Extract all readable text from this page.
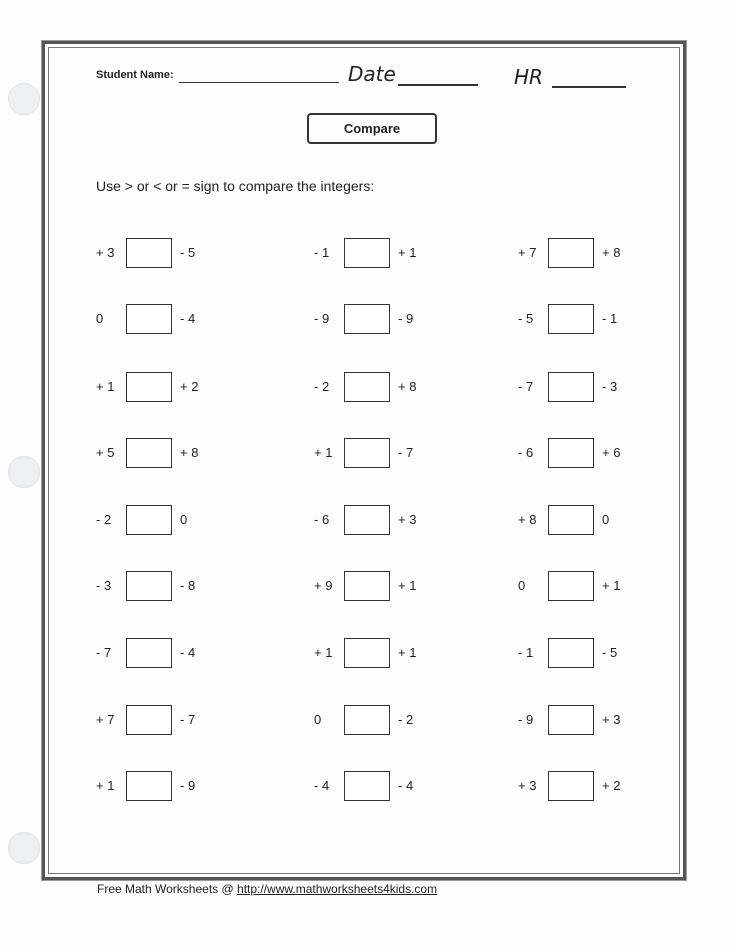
Student Name:	Date	HR
Compare
Use > or < or = sign to compare the integers:
+ 3	- 5	- 1	+ 1	+ 7	+ 8
0	- 4	- 9	- 9	- 5	- 1
+ 1	+ 2	- 2	+ 8	- 7	- 3
+ 5	+ 8	+ 1	- 7	- 6	+ 6
- 2	0	- 6	+ 3	+ 8	0
- 3	- 8	+ 9	+ 1	0	+ 1
- 7	- 4	+ 1	+ 1	- 1	- 5
+ 7	- 7	0	- 2	- 9	+ 3
+ 1	- 9	- 4	- 4	+ 3	+ 2
Free Math Worksheets @ http://www.mathworksheets4kids.com
